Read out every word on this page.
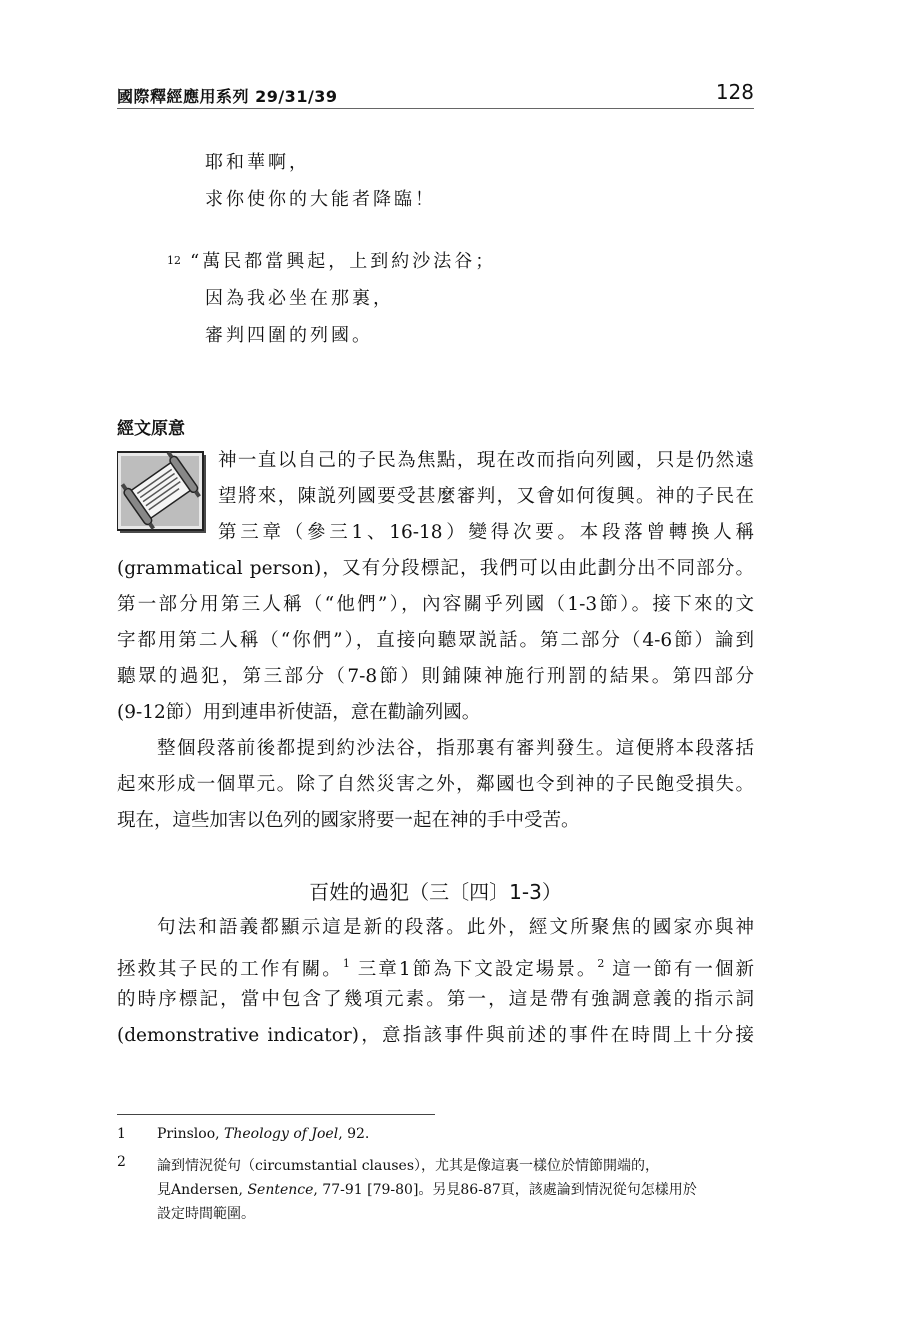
國際釋經應用系列 29/31/39	128
耶和華啊，
求你使你的大能者降臨！
12 “萬民都當興起，上到約沙法谷；
因為我必坐在那裏，
審判四圍的列國。
經文原意
神一直以自己的子民為焦點，現在改而指向列國，只是仍然遠
望將來，陳説列國要受甚麼審判，又會如何復興。神的子民在
第三章（參三1、16-18）變得次要。本段落曾轉換人稱
(grammatical person)，又有分段標記，我們可以由此劃分出不同部分。
第一部分用第三人稱（“他們”），內容關乎列國（1-3節）。接下來的文
字都用第二人稱（“你們”），直接向聽眾説話。第二部分（4-6節）論到
聽眾的過犯，第三部分（7-8節）則鋪陳神施行刑罰的結果。第四部分
(9-12節）用到連串祈使語，意在勸諭列國。
整個段落前後都提到約沙法谷，指那裏有審判發生。這便將本段落括
起來形成一個單元。除了自然災害之外，鄰國也令到神的子民飽受損失。
現在，這些加害以色列的國家將要一起在神的手中受苦。
百姓的過犯（三〔四〕1-3）
句法和語義都顯示這是新的段落。此外，經文所聚焦的國家亦與神
拯救其子民的工作有關。$^1$ 三章1節為下文設定場景。$^2$ 這一節有一個新
的時序標記，當中包含了幾項元素。第一，這是帶有強調意義的指示詞
(demonstrative indicator)，意指該事件與前述的事件在時間上十分接
1 Prinsloo, Theology of Joel, 92.
2 論到情況從句（circumstantial clauses），尤其是像這裏一樣位於情節開端的，
見Andersen, Sentence, 77-91 [79-80]。另見86-87頁，該處論到情況從句怎樣用於
設定時間範圍。
